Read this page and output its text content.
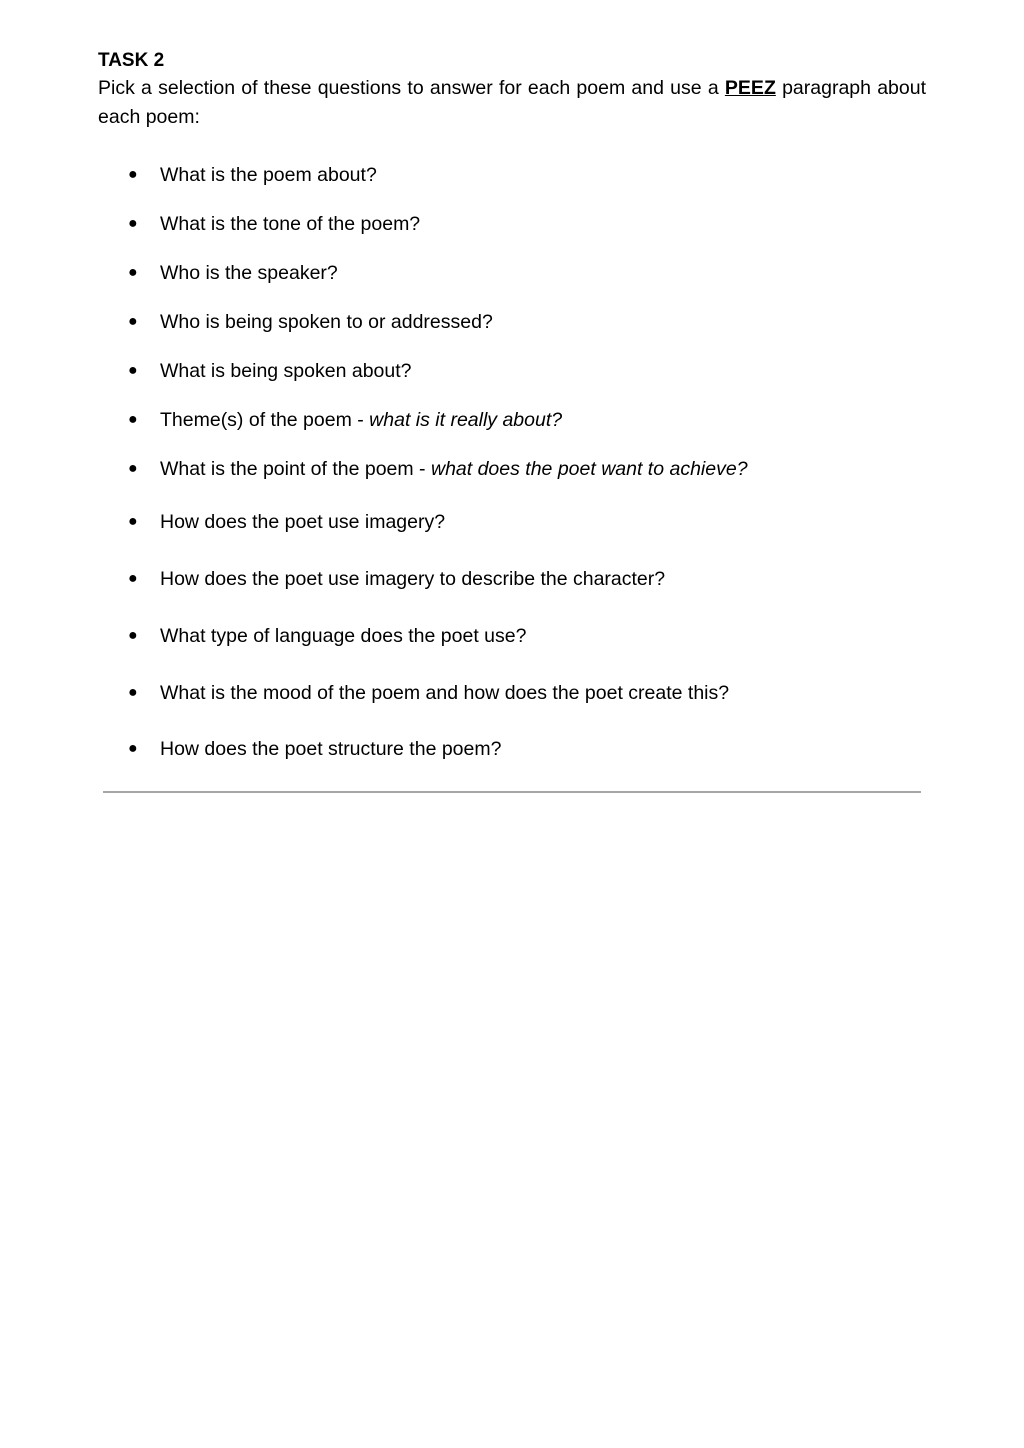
TASK 2

Pick a selection of these questions to answer for each poem and use a PEEZ paragraph about each poem:

● What is the poem about?
● What is the tone of the poem?
● Who is the speaker?
● Who is being spoken to or addressed?
● What is being spoken about?
● Theme(s) of the poem - what is it really about?
● What is the point of the poem - what does the poet want to achieve?
● How does the poet use imagery?
● How does the poet use imagery to describe the character?
● What type of language does the poet use?
● What is the mood of the poem and how does the poet create this?
● How does the poet structure the poem?
